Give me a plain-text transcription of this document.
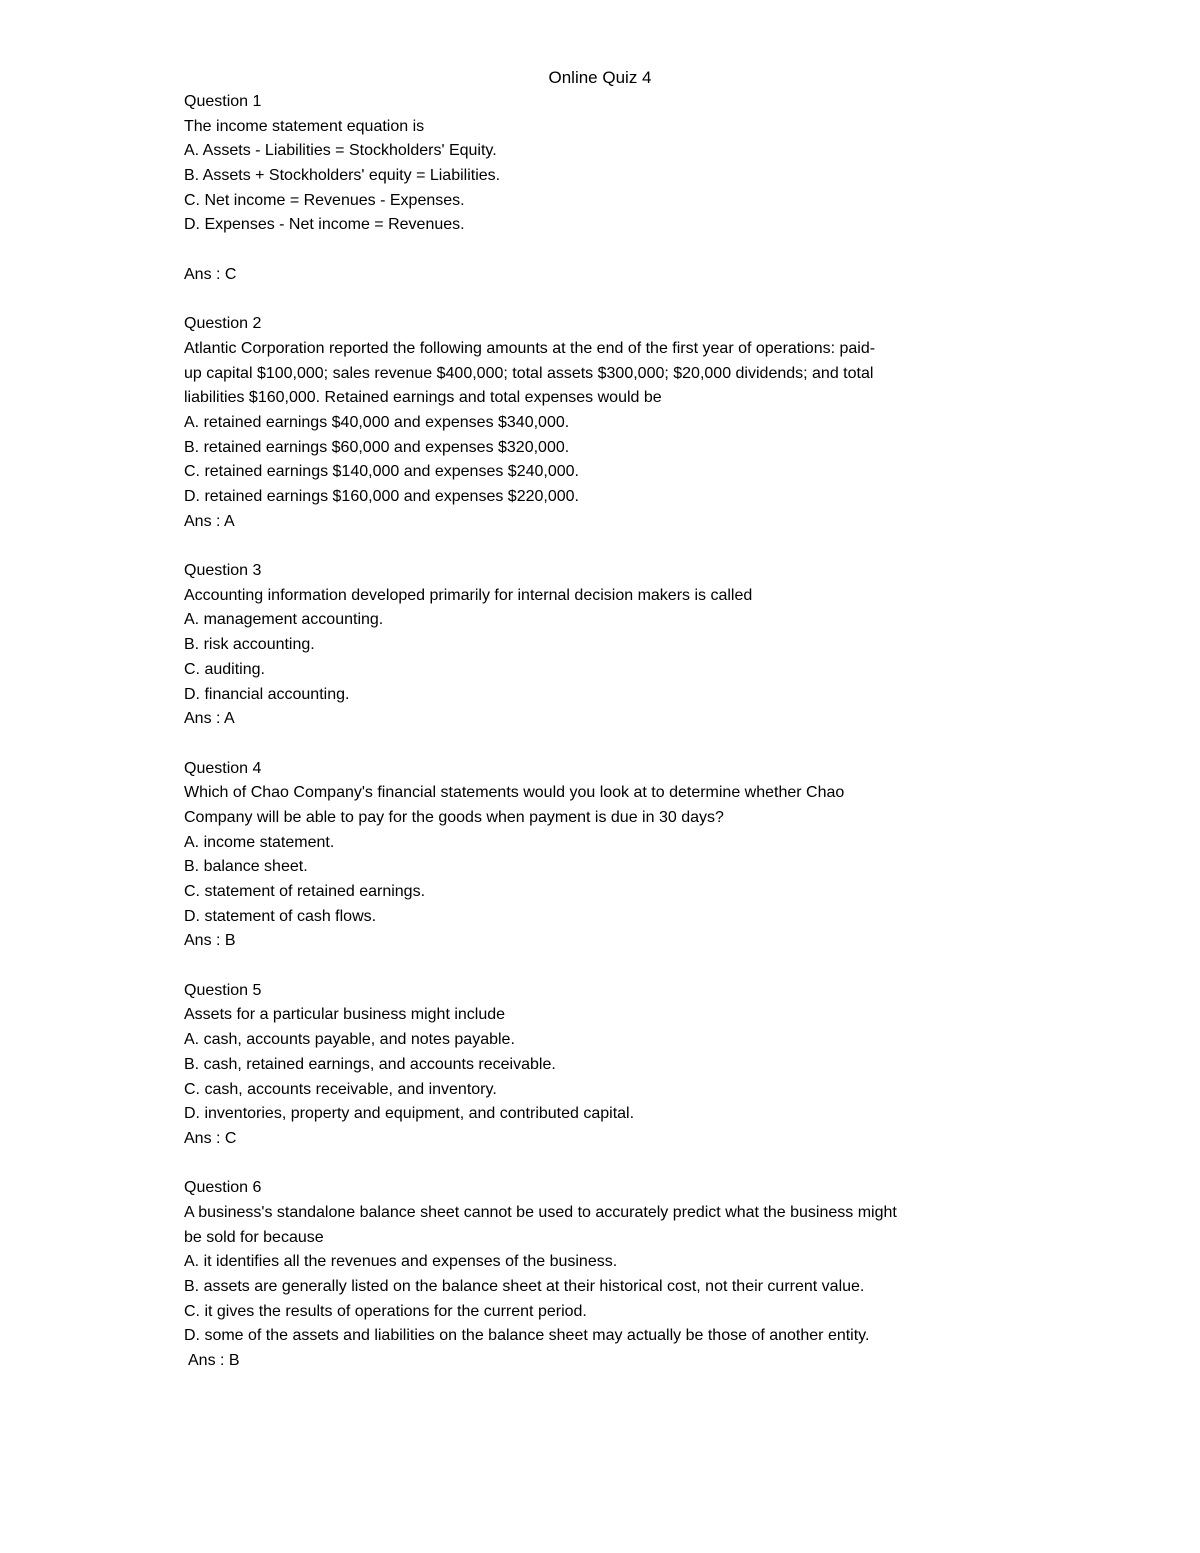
Online Quiz 4
Question 1
The income statement equation is
A. Assets - Liabilities = Stockholders' Equity.
B. Assets + Stockholders' equity = Liabilities.
C. Net income = Revenues - Expenses.
D. Expenses - Net income = Revenues.
Ans : C
Question 2
Atlantic Corporation reported the following amounts at the end of the first year of operations: paid-
up capital $100,000; sales revenue $400,000; total assets $300,000; $20,000 dividends; and total
liabilities $160,000. Retained earnings and total expenses would be
A. retained earnings $40,000 and expenses $340,000.
B. retained earnings $60,000 and expenses $320,000.
C. retained earnings $140,000 and expenses $240,000.
D. retained earnings $160,000 and expenses $220,000.
Ans : A
Question 3
Accounting information developed primarily for internal decision makers is called
A. management accounting.
B. risk accounting.
C. auditing.
D. financial accounting.
Ans : A
Question 4
Which of Chao Company's financial statements would you look at to determine whether Chao
Company will be able to pay for the goods when payment is due in 30 days?
A. income statement.
B. balance sheet.
C. statement of retained earnings.
D. statement of cash flows.
Ans : B
Question 5
Assets for a particular business might include
A. cash, accounts payable, and notes payable.
B. cash, retained earnings, and accounts receivable.
C. cash, accounts receivable, and inventory.
D. inventories, property and equipment, and contributed capital.
Ans : C
Question 6
A business's standalone balance sheet cannot be used to accurately predict what the business might
be sold for because
A. it identifies all the revenues and expenses of the business.
B. assets are generally listed on the balance sheet at their historical cost, not their current value.
C. it gives the results of operations for the current period.
D. some of the assets and liabilities on the balance sheet may actually be those of another entity.
Ans : B
